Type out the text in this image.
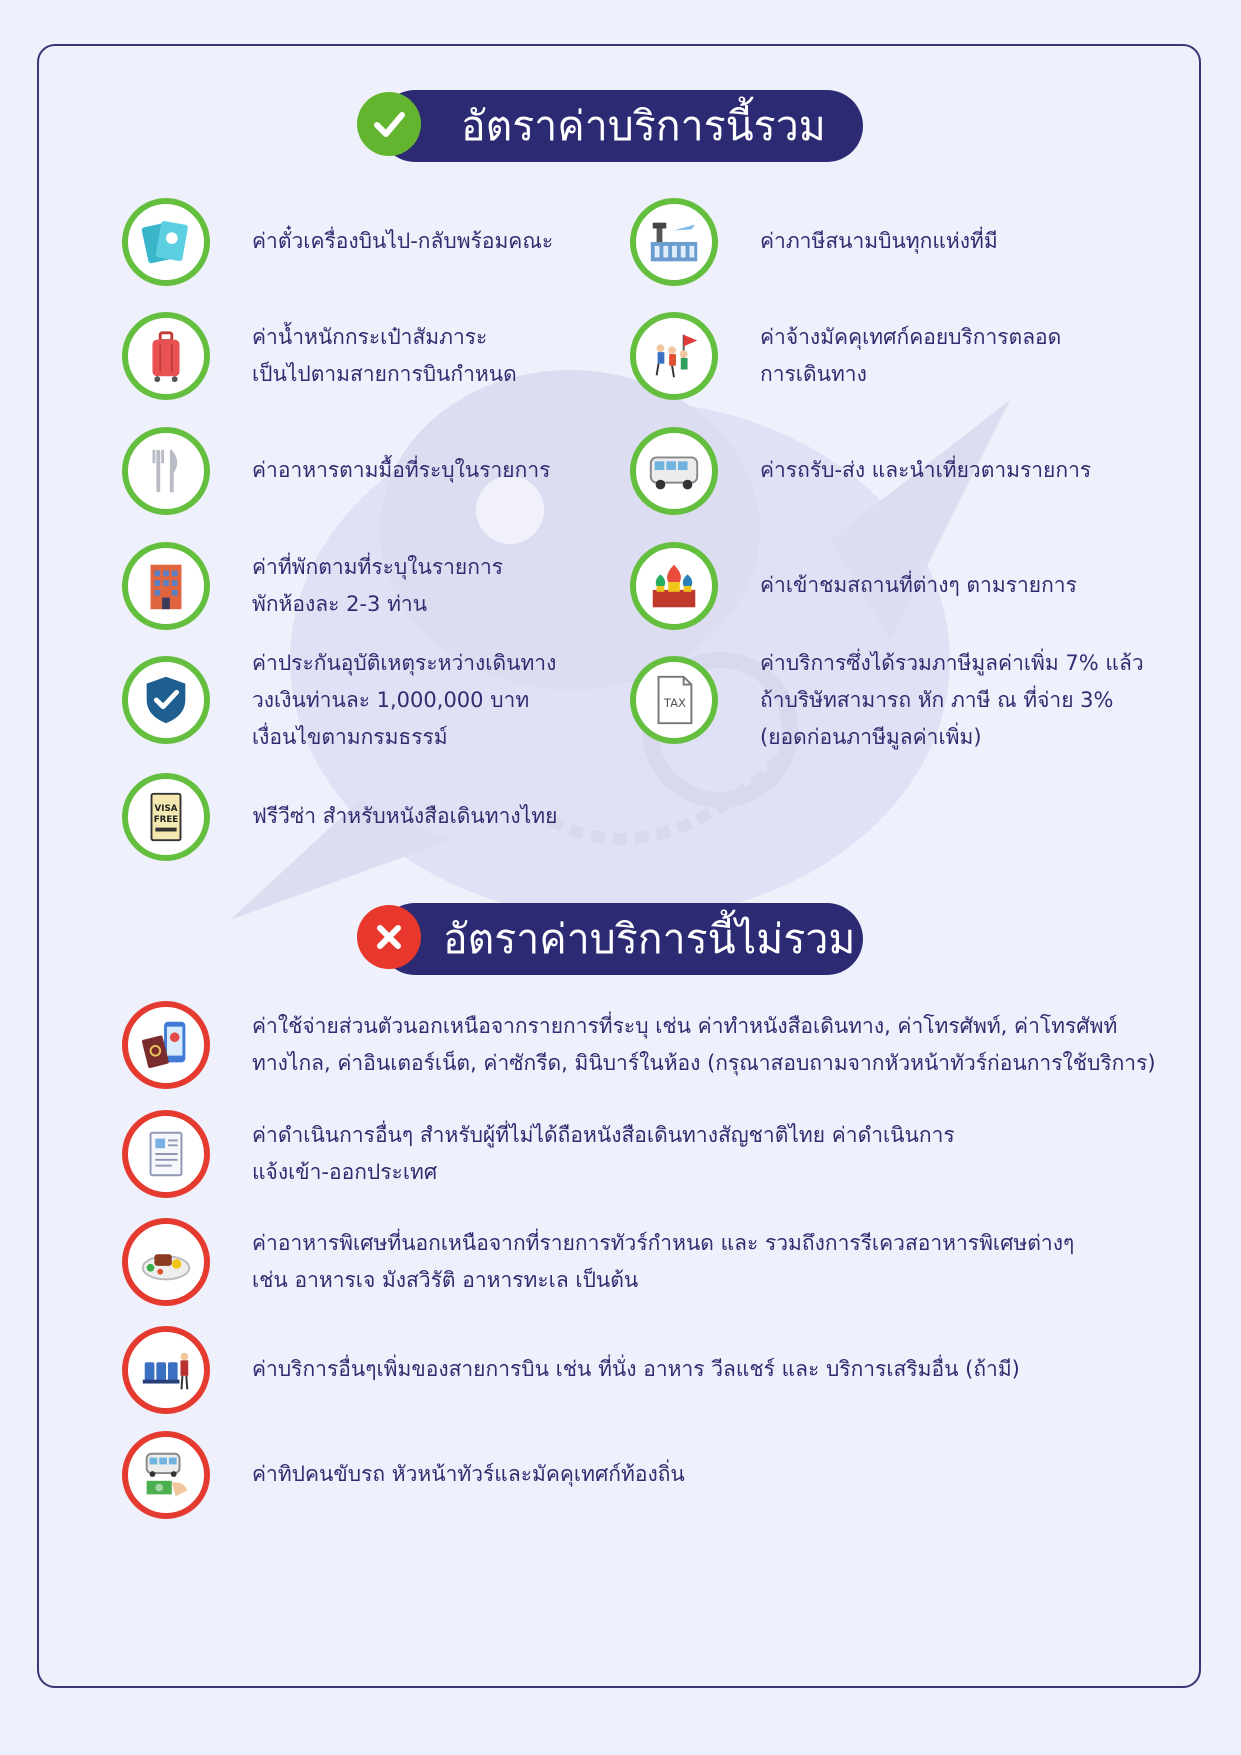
อัตราค่าบริการนี้รวม
ค่าตั๋วเครื่องบินไป-กลับพร้อมคณะ
ค่าน้ำหนักกระเป๋าสัมภาระ
เป็นไปตามสายการบินกำหนด
ค่าอาหารตามมื้อที่ระบุในรายการ
ค่าที่พักตามที่ระบุในรายการ
พักห้องละ 2-3 ท่าน
ค่าประกันอุบัติเหตุระหว่างเดินทาง
วงเงินท่านละ 1,000,000 บาท
เงื่อนไขตามกรมธรรม์
VISA
FREE	ฟรีวีซ่า สำหรับหนังสือเดินทางไทย
ค่าภาษีสนามบินทุกแห่งที่มี
ค่าจ้างมัคคุเทศก์คอยบริการตลอด
การเดินทาง
ค่ารถรับ-ส่ง และนำเที่ยวตามรายการ
ค่าเข้าชมสถานที่ต่างๆ ตามรายการ
TAX
ค่าบริการซึ่งได้รวมภาษีมูลค่าเพิ่ม 7% แล้ว
ถ้าบริษัทสามารถ หัก ภาษี ณ ที่จ่าย 3%
(ยอดก่อนภาษีมูลค่าเพิ่ม)
อัตราค่าบริการนี้ไม่รวม
ค่าใช้จ่ายส่วนตัวนอกเหนือจากรายการที่ระบุ เช่น ค่าทำหนังสือเดินทาง, ค่าโทรศัพท์, ค่าโทรศัพท์
ทางไกล, ค่าอินเตอร์เน็ต, ค่าซักรีด, มินิบาร์ในห้อง (กรุณาสอบถามจากหัวหน้าทัวร์ก่อนการใช้บริการ)
ค่าดำเนินการอื่นๆ สำหรับผู้ที่ไม่ได้ถือหนังสือเดินทางสัญชาติไทย ค่าดำเนินการ
แจ้งเข้า-ออกประเทศ
ค่าอาหารพิเศษที่นอกเหนือจากที่รายการทัวร์กำหนด และ รวมถึงการรีเควสอาหารพิเศษต่างๆ
เช่น อาหารเจ มังสวิรัติ อาหารทะเล เป็นต้น
ค่าบริการอื่นๆเพิ่มของสายการบิน เช่น ที่นั่ง อาหาร วีลแชร์ และ บริการเสริมอื่น (ถ้ามี)
ค่าทิปคนขับรถ หัวหน้าทัวร์และมัคคุเทศก์ท้องถิ่น
